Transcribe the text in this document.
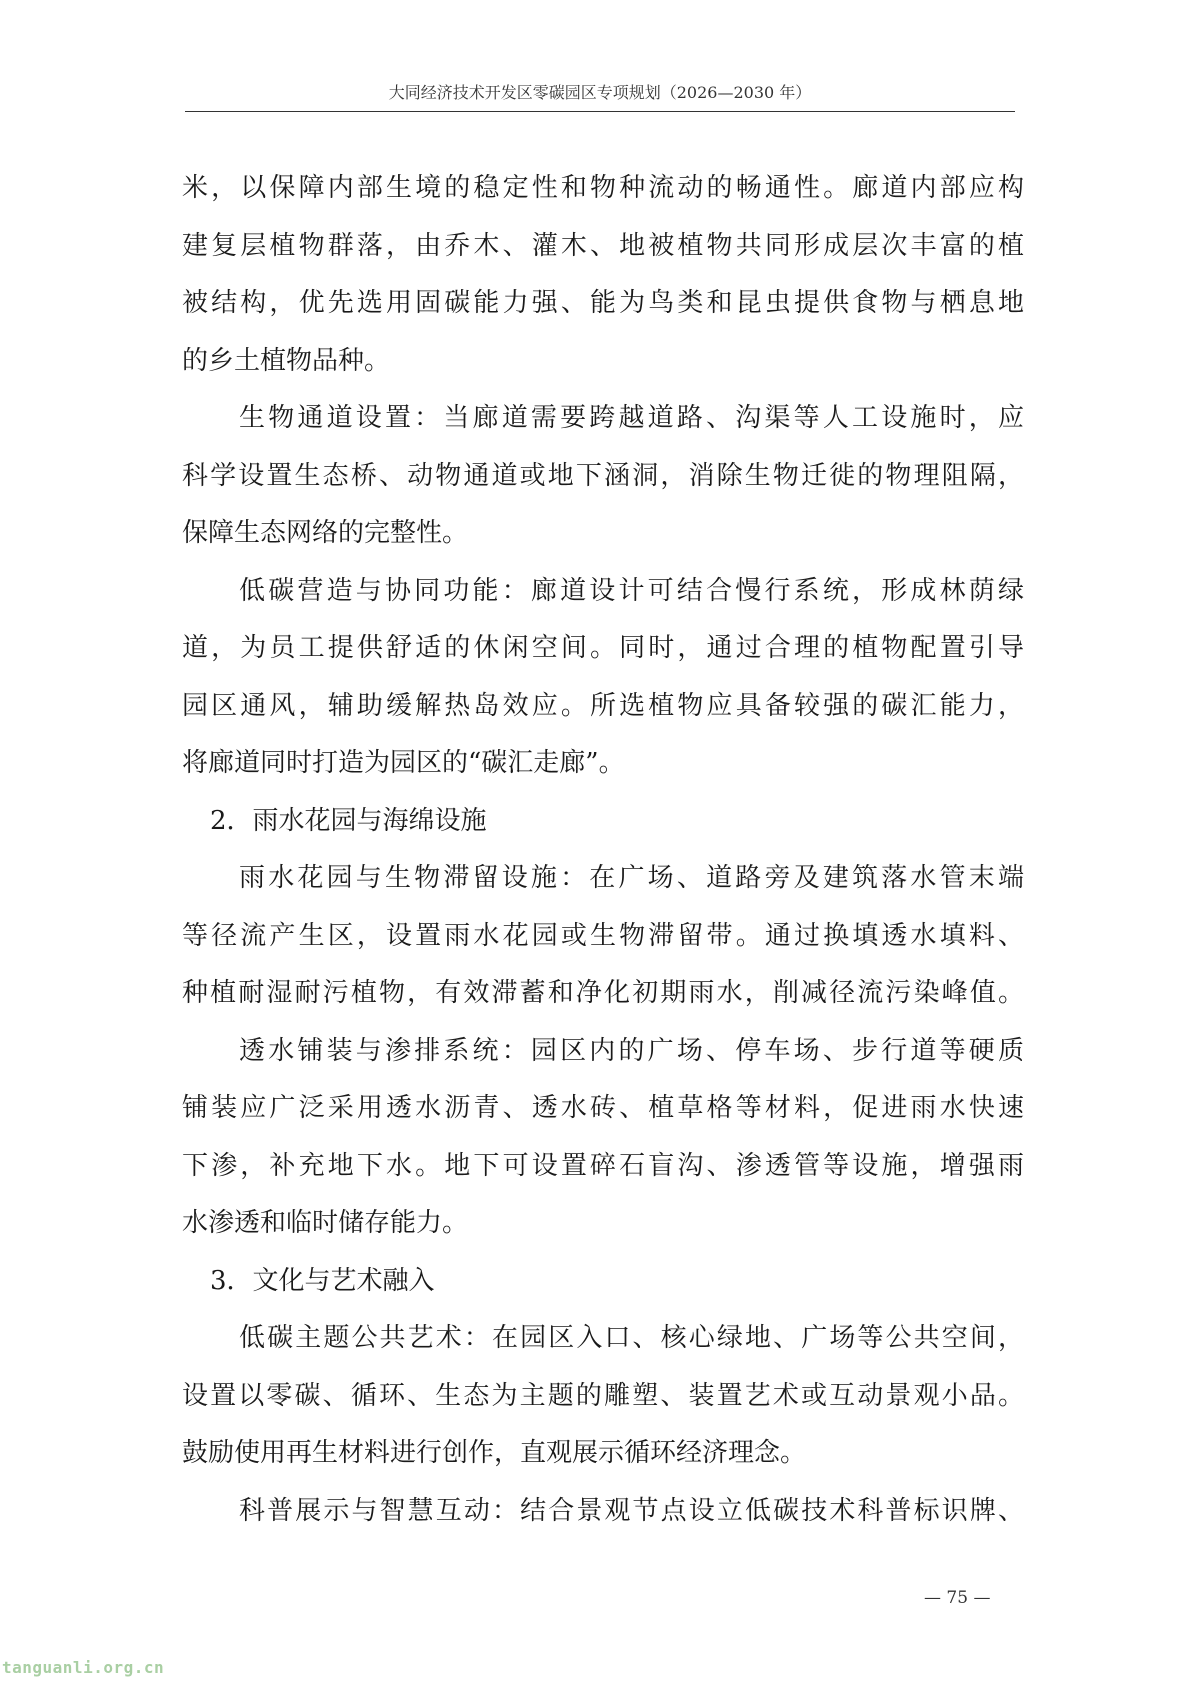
大同经济技术开发区零碳园区专项规划（2026—2030 年）
米，以保障内部生境的稳定性和物种流动的畅通性。廊道内部应构
建复层植物群落，由乔木、灌木、地被植物共同形成层次丰富的植
被结构，优先选用固碳能力强、能为鸟类和昆虫提供食物与栖息地
的乡土植物品种。
生物通道设置：当廊道需要跨越道路、沟渠等人工设施时，应
科学设置生态桥、动物通道或地下涵洞，消除生物迁徙的物理阻隔，
保障生态网络的完整性。
低碳营造与协同功能：廊道设计可结合慢行系统，形成林荫绿
道，为员工提供舒适的休闲空间。同时，通过合理的植物配置引导
园区通风，辅助缓解热岛效应。所选植物应具备较强的碳汇能力，
将廊道同时打造为园区的“碳汇走廊”。
2．雨水花园与海绵设施
雨水花园与生物滞留设施：在广场、道路旁及建筑落水管末端
等径流产生区，设置雨水花园或生物滞留带。通过换填透水填料、
种植耐湿耐污植物，有效滞蓄和净化初期雨水，削减径流污染峰值。
透水铺装与渗排系统：园区内的广场、停车场、步行道等硬质
铺装应广泛采用透水沥青、透水砖、植草格等材料，促进雨水快速
下渗，补充地下水。地下可设置碎石盲沟、渗透管等设施，增强雨
水渗透和临时储存能力。
3．文化与艺术融入
低碳主题公共艺术：在园区入口、核心绿地、广场等公共空间，
设置以零碳、循环、生态为主题的雕塑、装置艺术或互动景观小品。
鼓励使用再生材料进行创作，直观展示循环经济理念。
科普展示与智慧互动：结合景观节点设立低碳技术科普标识牌、
— 75 —
tanguanli.org.cn
